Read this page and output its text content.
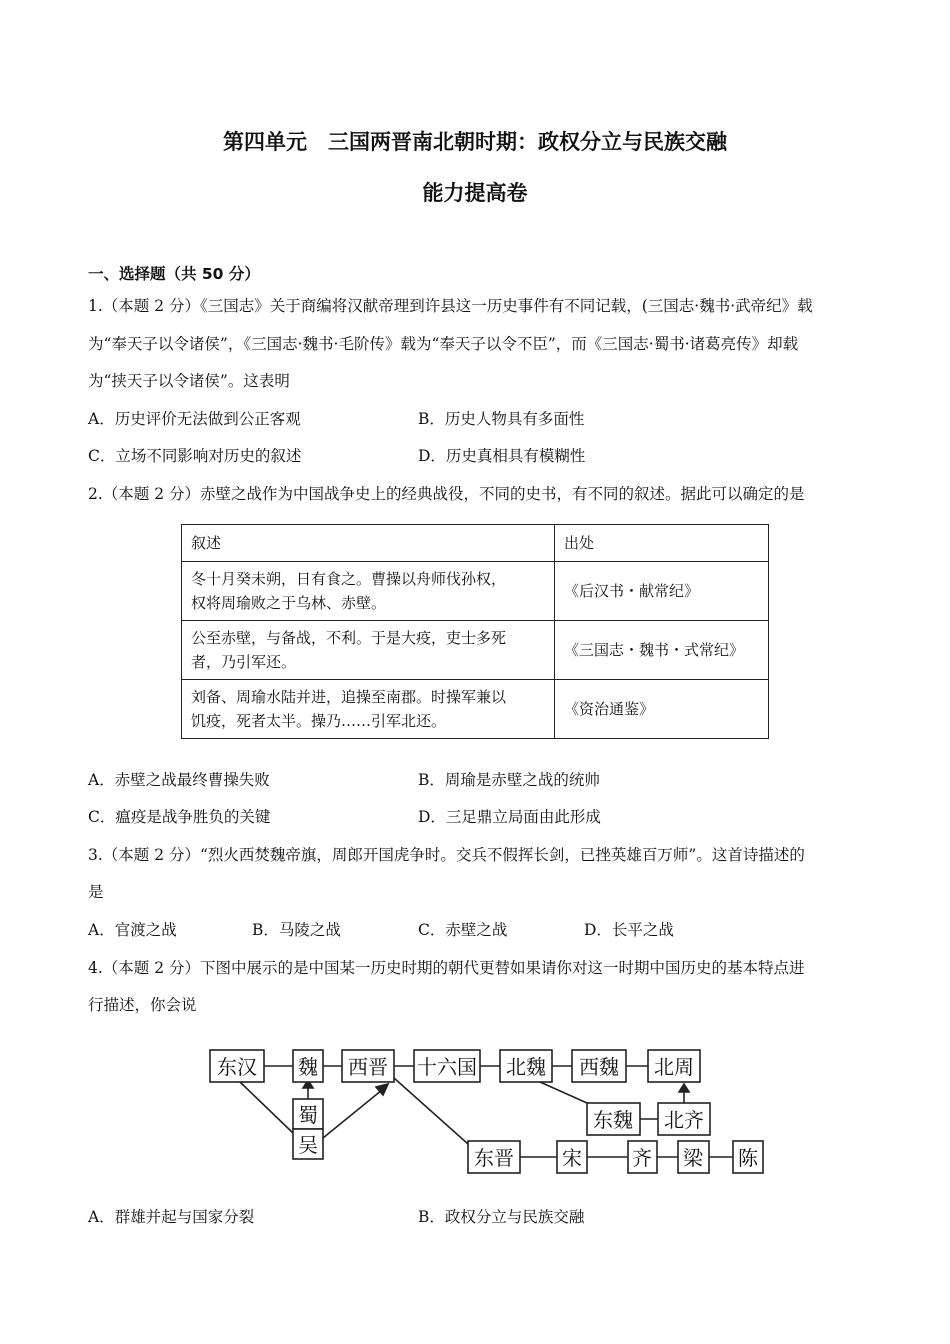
第四单元　三国两晋南北朝时期：政权分立与民族交融
能力提高卷
一、选择题（共 50 分）
1.（本题 2 分）《三国志》关于商编将汉献帝理到许县这一历史事件有不同记载，(三国志·魏书·武帝纪》载
为“奉天子以令诸侯”，《三国志·魏书·毛阶传》载为“奉天子以令不臣”，而《三国志·蜀书·诸葛亮传》却载
为“挟天子以令诸侯”。这表明
A．历史评价无法做到公正客观	B．历史人物具有多面性
C．立场不同影响对历史的叙述	D．历史真相具有模糊性
2.（本题 2 分）赤壁之战作为中国战争史上的经典战役，不同的史书，有不同的叙述。据此可以确定的是
叙述	出处

冬十月癸未朔，日有食之。曹操以舟师伐孙权，
权将周瑜败之于乌林、赤壁。	《后汉书・献常纪》

公至赤壁，与备战，不利。于是大疫，吏士多死
者，乃引军还。	《三国志・魏书・式常纪》

刘备、周瑜水陆并进，追操至南郡。时操军兼以
饥疫，死者太半。操乃……引军北还。	《资治通鉴》
A．赤壁之战最终曹操失败	B．周瑜是赤壁之战的统帅
C．瘟疫是战争胜负的关键	D．三足鼎立局面由此形成
3.（本题 2 分）“烈火西焚魏帝旗，周郎开国虎争时。交兵不假挥长剑，已挫英雄百万师”。这首诗描述的
是
A．官渡之战	B．马陵之战	C．赤壁之战	D．长平之战
4.（本题 2 分）下图中展示的是中国某一历史时期的朝代更替如果请你对这一时期中国历史的基本特点进
行描述，你会说
东汉 魏
蜀
吴
西晋 十六国 北魏 西魏 北周
东魏 北齐
东晋 宋	齐 梁 陈
A．群雄并起与国家分裂	B．政权分立与民族交融
